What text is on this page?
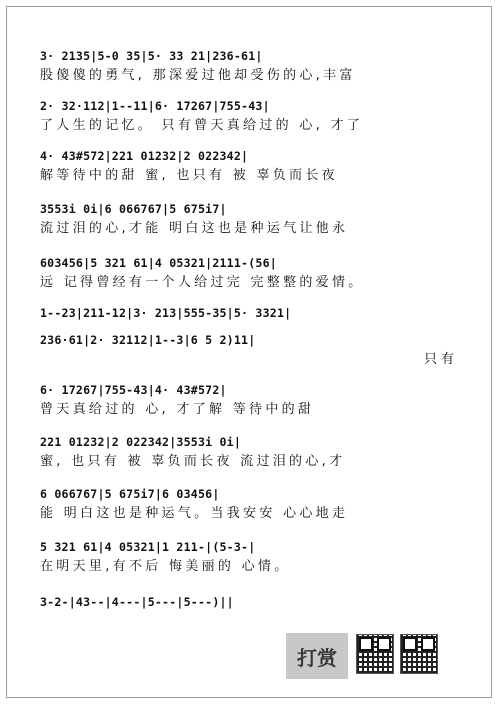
3· 2135|5-0 35|5· 33 21|236-61|
股傻傻的勇气, 那深爱过他却受伤的心,丰富
2· 32·112|1--11|6· 17267|755-43|
了人生的记忆。 只有曾天真给过的 心, 才了
4· 43#572|221 01232|2 022342|
解等待中的甜 蜜, 也只有 被 辜负而长夜
3553i 0i|6 066767|5 675i7|
流过泪的心,才能 明白这也是种运气让他永
603456|5 321 61|4 05321|2111-(56|
远 记得曾经有一个人给过完 完整整的爱情。
1--23|211-12|3· 213|555-35|5· 3321|
236·61|2· 32112|1--3|6 5 2)11|
只有
6· 17267|755-43|4· 43#572|
曾天真给过的 心, 才了解 等待中的甜
221 01232|2 022342|3553i 0i|
蜜, 也只有 被 辜负而长夜 流过泪的心,才
6 066767|5 675i7|6 03456|
能 明白这也是种运气。当我安安 心心地走
5 321 61|4 05321|1 211-|(5-3-|
在明天里,有不后 悔美丽的 心情。
3-2-|43--|4---|5---|5---)||
打赏
